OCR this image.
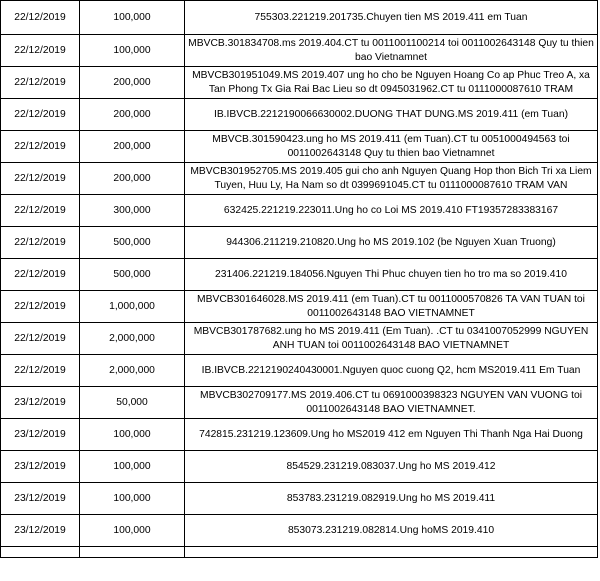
22/12/2019	100,000	755303.221219.201735.Chuyen tien MS 2019.411 em Tuan
22/12/2019	100,000	MBVCB.301834708.ms 2019.404.CT tu 0011001100214 toi 0011002643148 Quy tu thien bao Vietnamnet
22/12/2019	200,000	MBVCB301951049.MS 2019.407 ung ho cho be Nguyen Hoang Co ap Phuc Treo A, xa Tan Phong Tx Gia Rai Bac Lieu so dt 0945031962.CT tu 0111000087610 TRAM
22/12/2019	200,000	IB.IBVCB.2212190066630002.DUONG THAT DUNG.MS 2019.411 (em Tuan)
22/12/2019	200,000	MBVCB.301590423.ung ho MS 2019.411 (em Tuan).CT tu 0051000494563 toi 0011002643148 Quy tu thien bao Vietnamnet
22/12/2019	200,000	MBVCB301952705.MS 2019.405 gui cho anh Nguyen Quang Hop thon Bich Tri xa Liem Tuyen, Huu Ly, Ha Nam so dt 0399691045.CT tu 0111000087610 TRAM VAN
22/12/2019	300,000	632425.221219.223011.Ung ho co Loi MS 2019.410 FT19357283383167
22/12/2019	500,000	944306.211219.210820.Ung ho MS 2019.102 (be Nguyen Xuan Truong)
22/12/2019	500,000	231406.221219.184056.Nguyen Thi Phuc chuyen tien ho tro ma so 2019.410
22/12/2019	1,000,000	MBVCB301646028.MS 2019.411 (em Tuan).CT tu 0011000570826 TA VAN TUAN toi 0011002643148 BAO VIETNAMNET
22/12/2019	2,000,000	MBVCB301787682.ung ho MS 2019.411 (Em Tuan). .CT tu 0341007052999 NGUYEN ANH TUAN toi 0011002643148 BAO VIETNAMNET
22/12/2019	2,000,000	IB.IBVCB.2212190240430001.Nguyen quoc cuong Q2, hcm MS2019.411 Em Tuan
23/12/2019	50,000	MBVCB302709177.MS 2019.406.CT tu 0691000398323 NGUYEN VAN VUONG toi 0011002643148 BAO VIETNAMNET.
23/12/2019	100,000	742815.231219.123609.Ung ho MS2019 412 em Nguyen Thi Thanh Nga Hai Duong
23/12/2019	100,000	854529.231219.083037.Ung ho MS 2019.412
23/12/2019	100,000	853783.231219.082919.Ung ho MS 2019.411
23/12/2019	100,000	853073.231219.082814.Ung hoMS 2019.410
